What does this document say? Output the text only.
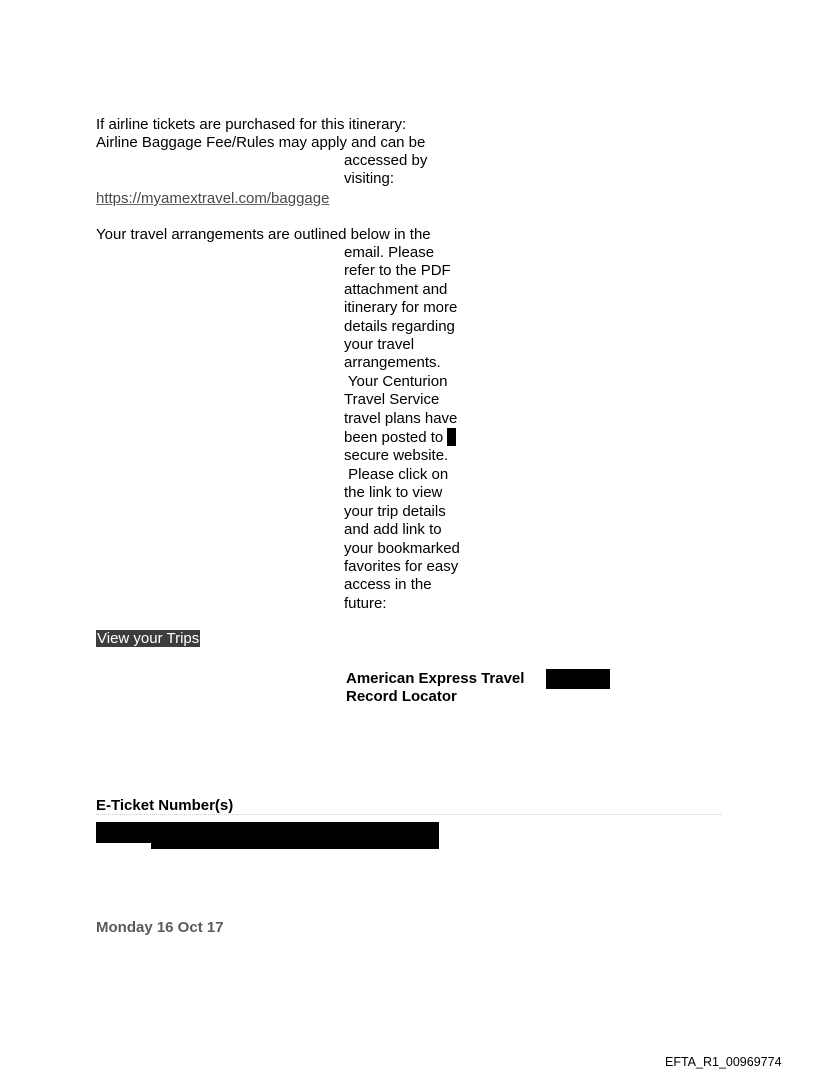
If airline tickets are purchased for this itinerary:
Airline Baggage Fee/Rules may apply and can be
accessed by
visiting:
https://myamextravel.com/baggage
Your travel arrangements are outlined below in the
email. Please
refer to the PDF
attachment and
itinerary for more
details regarding
your travel
arrangements.
Your Centurion
Travel Service
travel plans have
been posted to
secure website.
Please click on
the link to view
your trip details
and add link to
your bookmarked
favorites for easy
access in the
future:
View your Trips
American Express Travel
Record Locator
E-Ticket Number(s)
Monday 16 Oct 17
EFTA_R1_00969774
